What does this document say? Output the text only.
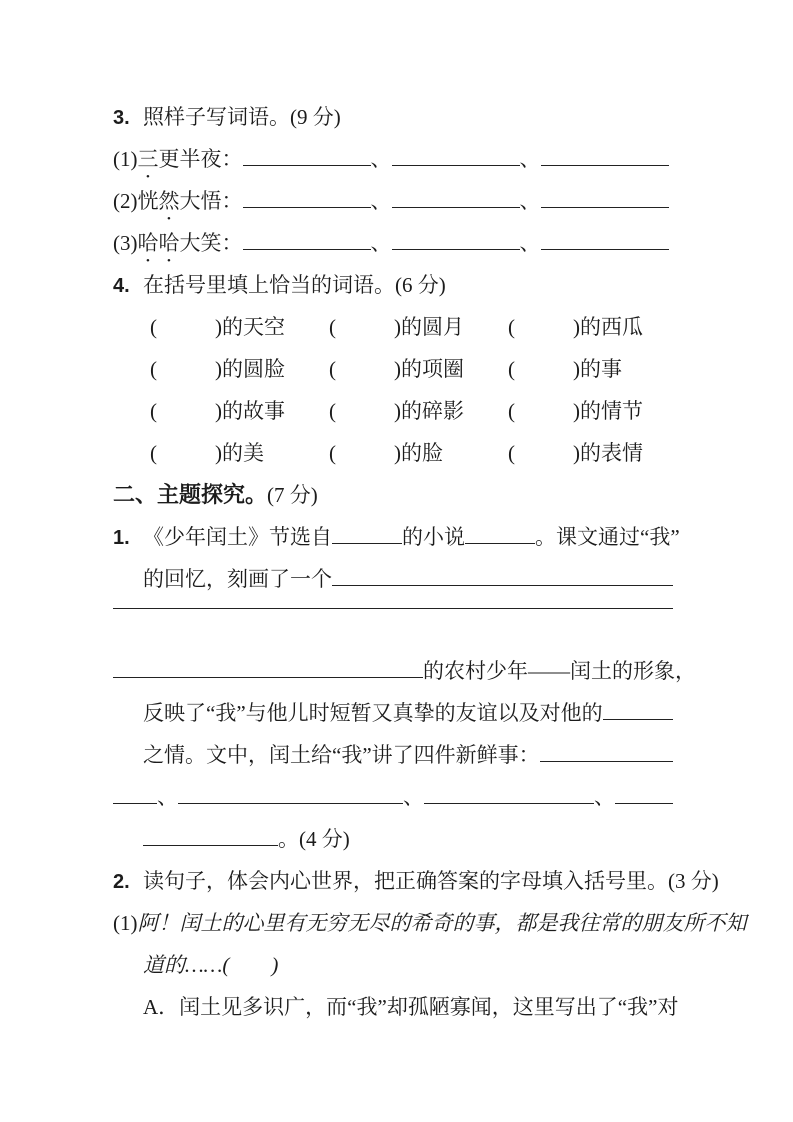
3. 照样子写词语。(9 分)
(1) 三 更半夜：	、	、
(2) 恍 然 大悟：	、	、
(3) 哈哈 大笑：	、	、
4. 在括号里填上恰当的词语。(6 分)
(	)的天空 (	)的圆月 (	)的西瓜
(	)的圆脸 (	)的项圈 (	)的事
(	)的故事 (	)的碎影 (	)的情节
(	)的美	(	)的脸	(	)的表情
二、主题探究。 (7 分)
1. 《少年闰土》节选自	的小说	。课文通过“我”
的回忆，刻画了一个
的农村少年——闰土的形象，
反映了“我”与他儿时短暂又真挚的友谊以及对他的
之情。文中，闰土给“我”讲了四件新鲜事：
、	、	、
。(4 分)
2. 读句子，体会内心世界，把正确答案的字母填入括号里。(3 分)
(1) 阿！闰土的心里有无穷无尽的希奇的事，都是我往常的朋友所不知
道的……(        )
A． 闰土见多识广，而“我”却孤陋寡闻，这里写出了“我”对
